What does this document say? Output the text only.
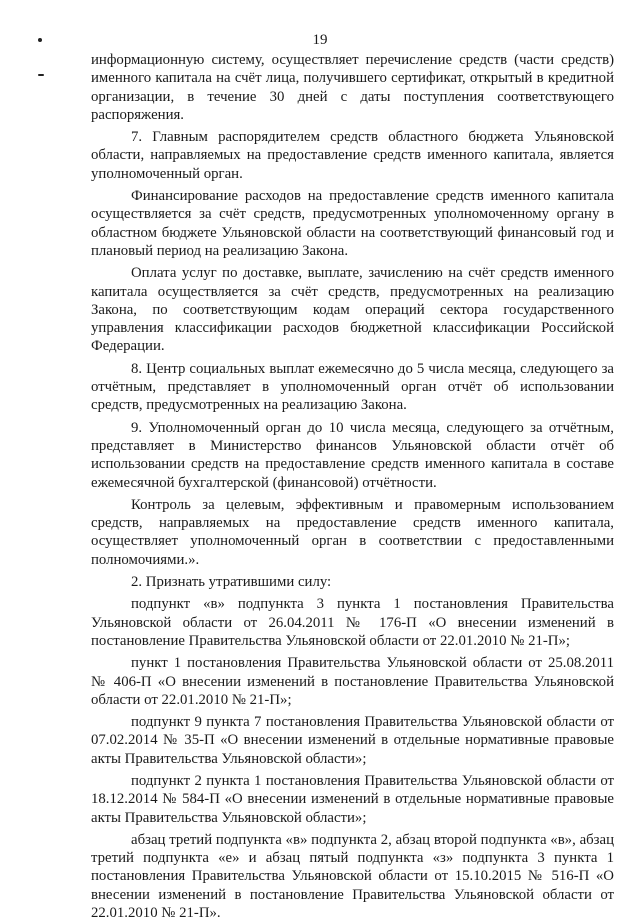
19

информационную систему, осуществляет перечисление средств (части средств) именного капитала на счёт лица, получившего сертификат, открытый в кредитной организации, в течение 30 дней с даты поступления соответствующего распоряжения.

7. Главным распорядителем средств областного бюджета Ульяновской области, направляемых на предоставление средств именного капитала, является уполномоченный орган.

Финансирование расходов на предоставление средств именного капитала осуществляется за счёт средств, предусмотренных уполномоченному органу в областном бюджете Ульяновской области на соответствующий финансовый год и плановый период на реализацию Закона.

Оплата услуг по доставке, выплате, зачислению на счёт средств именного капитала осуществляется за счёт средств, предусмотренных на реализацию Закона, по соответствующим кодам операций сектора государственного управления классификации расходов бюджетной классификации Российской Федерации.

8. Центр социальных выплат ежемесячно до 5 числа месяца, следующего за отчётным, представляет в уполномоченный орган отчёт об использовании средств, предусмотренных на реализацию Закона.

9. Уполномоченный орган до 10 числа месяца, следующего за отчётным, представляет в Министерство финансов Ульяновской области отчёт об использовании средств на предоставление средств именного капитала в составе ежемесячной бухгалтерской (финансовой) отчётности.

Контроль за целевым, эффективным и правомерным использованием средств, направляемых на предоставление средств именного капитала, осуществляет уполномоченный орган в соответствии с предоставленными полномочиями.».

2. Признать утратившими силу:

подпункт «в» подпункта 3 пункта 1 постановления Правительства Ульяновской области от 26.04.2011 № 176-П «О внесении изменений в постановление Правительства Ульяновской области от 22.01.2010 № 21-П»;

пункт 1 постановления Правительства Ульяновской области от 25.08.2011 № 406-П «О внесении изменений в постановление Правительства Ульяновской области от 22.01.2010 № 21-П»;

подпункт 9 пункта 7 постановления Правительства Ульяновской области от 07.02.2014 № 35-П «О внесении изменений в отдельные нормативные правовые акты Правительства Ульяновской области»;

подпункт 2 пункта 1 постановления Правительства Ульяновской области от 18.12.2014 № 584-П «О внесении изменений в отдельные нормативные правовые акты Правительства Ульяновской области»;

абзац третий подпункта «в» подпункта 2, абзац второй подпункта «в», абзац третий подпункта «е» и абзац пятый подпункта «з» подпункта 3 пункта 1 постановления Правительства Ульяновской области от 15.10.2015 № 516-П «О внесении изменений в постановление Правительства Ульяновской области от 22.01.2010 № 21-П».
